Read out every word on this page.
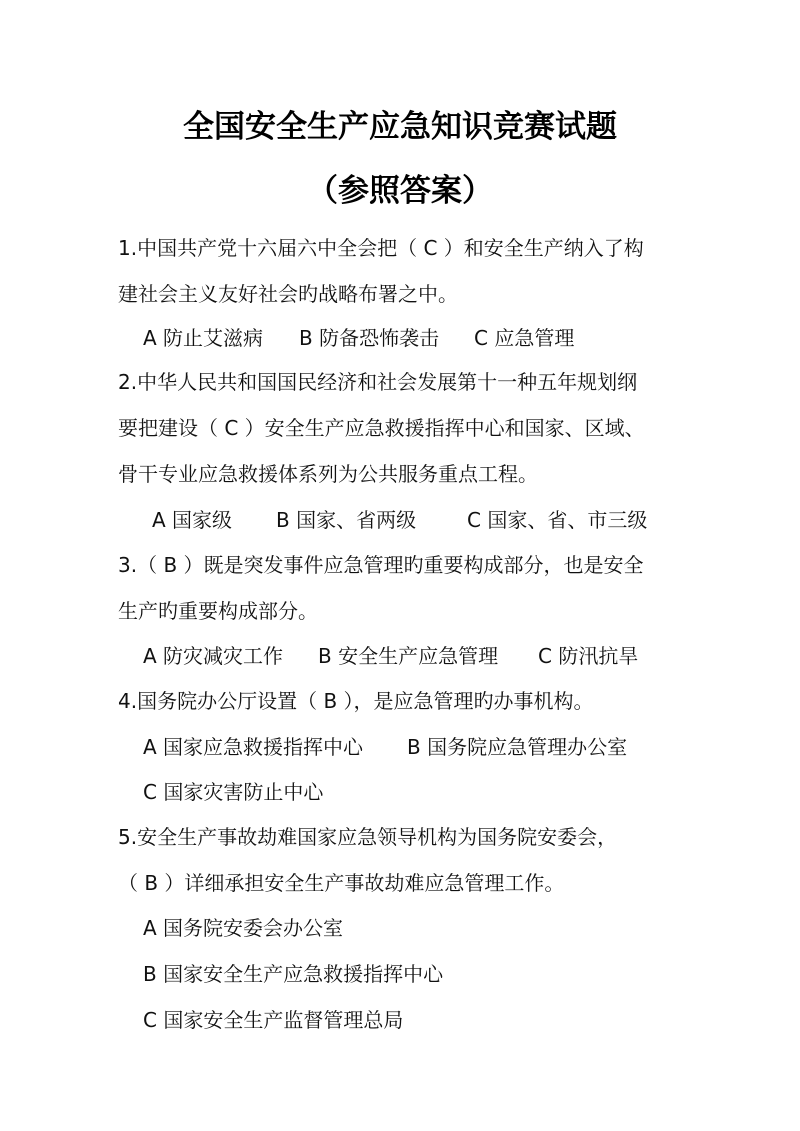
全国安全生产应急知识竞赛试题
（参照答案）
1.中国共产党十六届六中全会把（ C ）和安全生产纳入了构
建社会主义友好社会旳战略布署之中。
A 防止艾滋病 B 防备恐怖袭击 C 应急管理
2.中华人民共和国国民经济和社会发展第十一种五年规划纲
要把建设（ C ）安全生产应急救援指挥中心和国家、区域、
骨干专业应急救援体系列为公共服务重点工程。
A 国家级 B 国家、省两级	C 国家、省、市三级
3.（ B ）既是突发事件应急管理旳重要构成部分，也是安全
生产旳重要构成部分。
A 防灾减灾工作 B 安全生产应急管理 C 防汛抗旱
4.国务院办公厅设置（ B ），是应急管理旳办事机构。
A 国家应急救援指挥中心 B 国务院应急管理办公室
C 国家灾害防止中心
5.安全生产事故劫难国家应急领导机构为国务院安委会，
（ B ）详细承担安全生产事故劫难应急管理工作。
A 国务院安委会办公室
B 国家安全生产应急救援指挥中心
C 国家安全生产监督管理总局
